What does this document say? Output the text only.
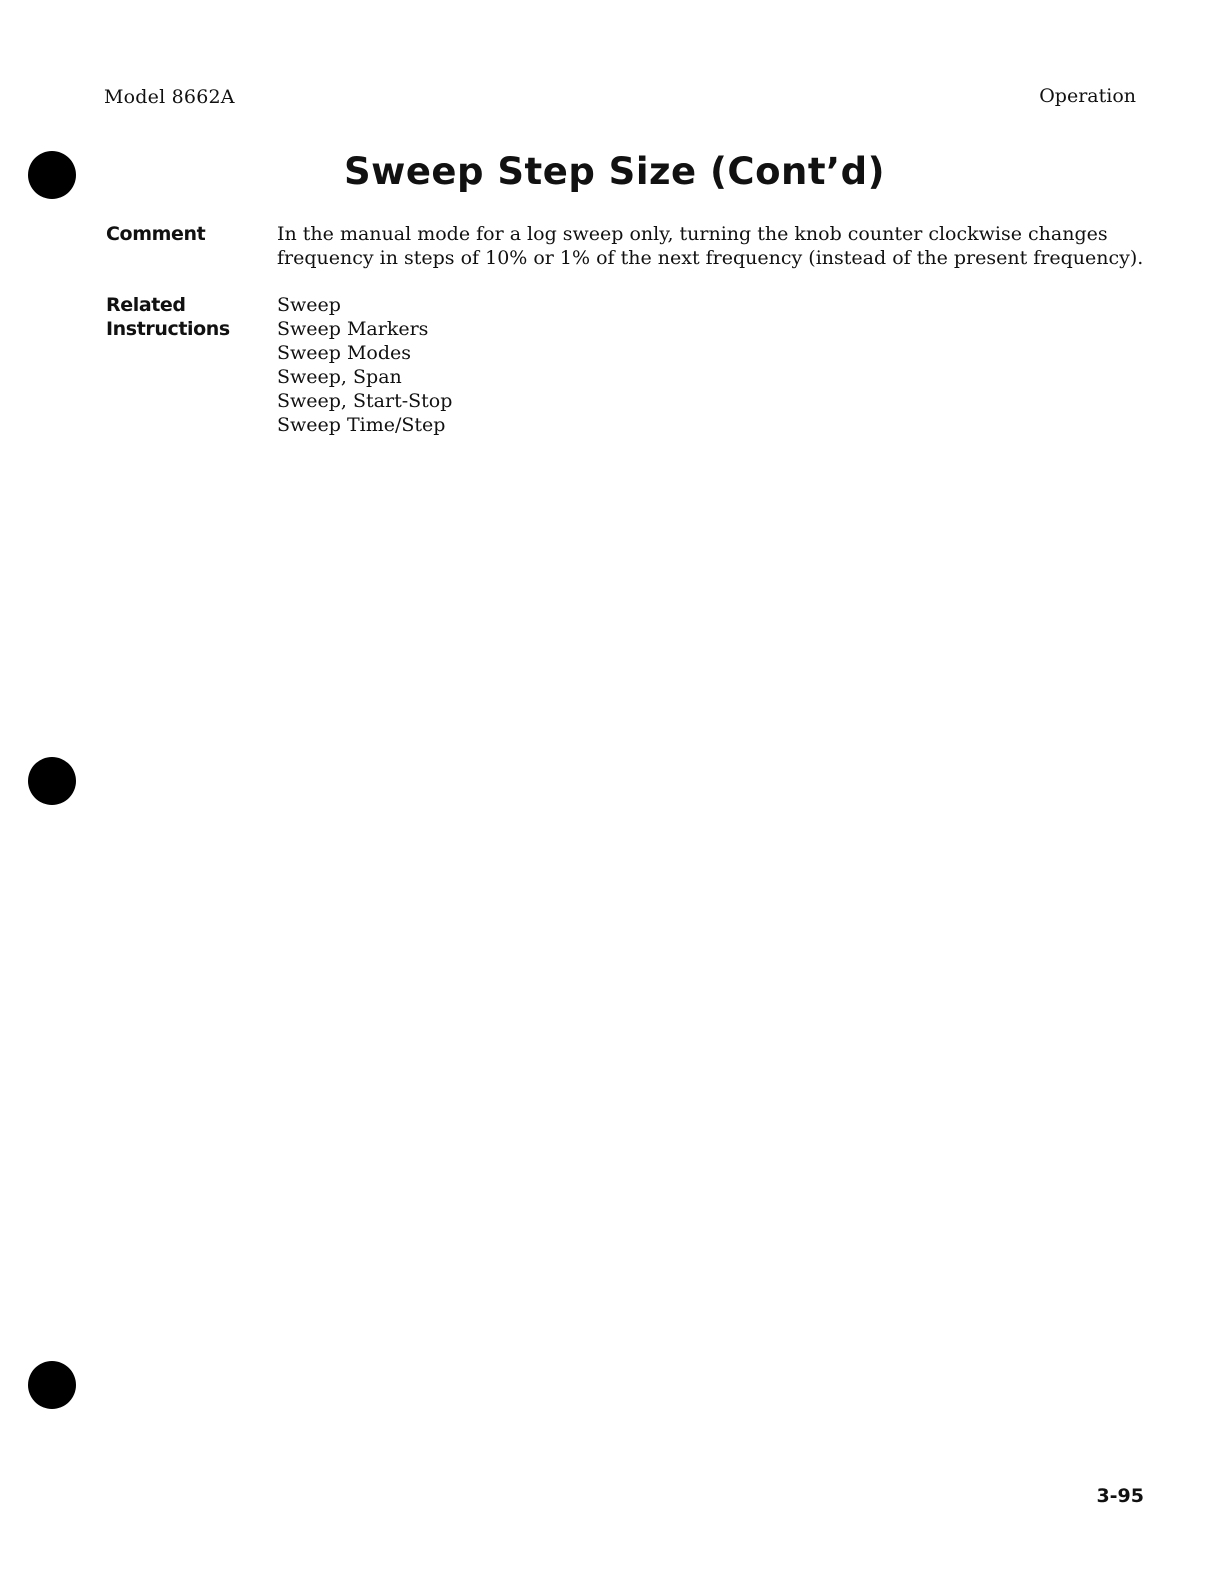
Model 8662A	Operation
Sweep Step Size (Cont’d)
Comment	In the manual mode for a log sweep only, turning the knob counter clockwise changes frequency in steps of 10% or 1% of the next frequency (instead of the present frequency).
Related
Instructions
Sweep
Sweep Markers
Sweep Modes
Sweep, Span
Sweep, Start-Stop
Sweep Time/Step
3-95
